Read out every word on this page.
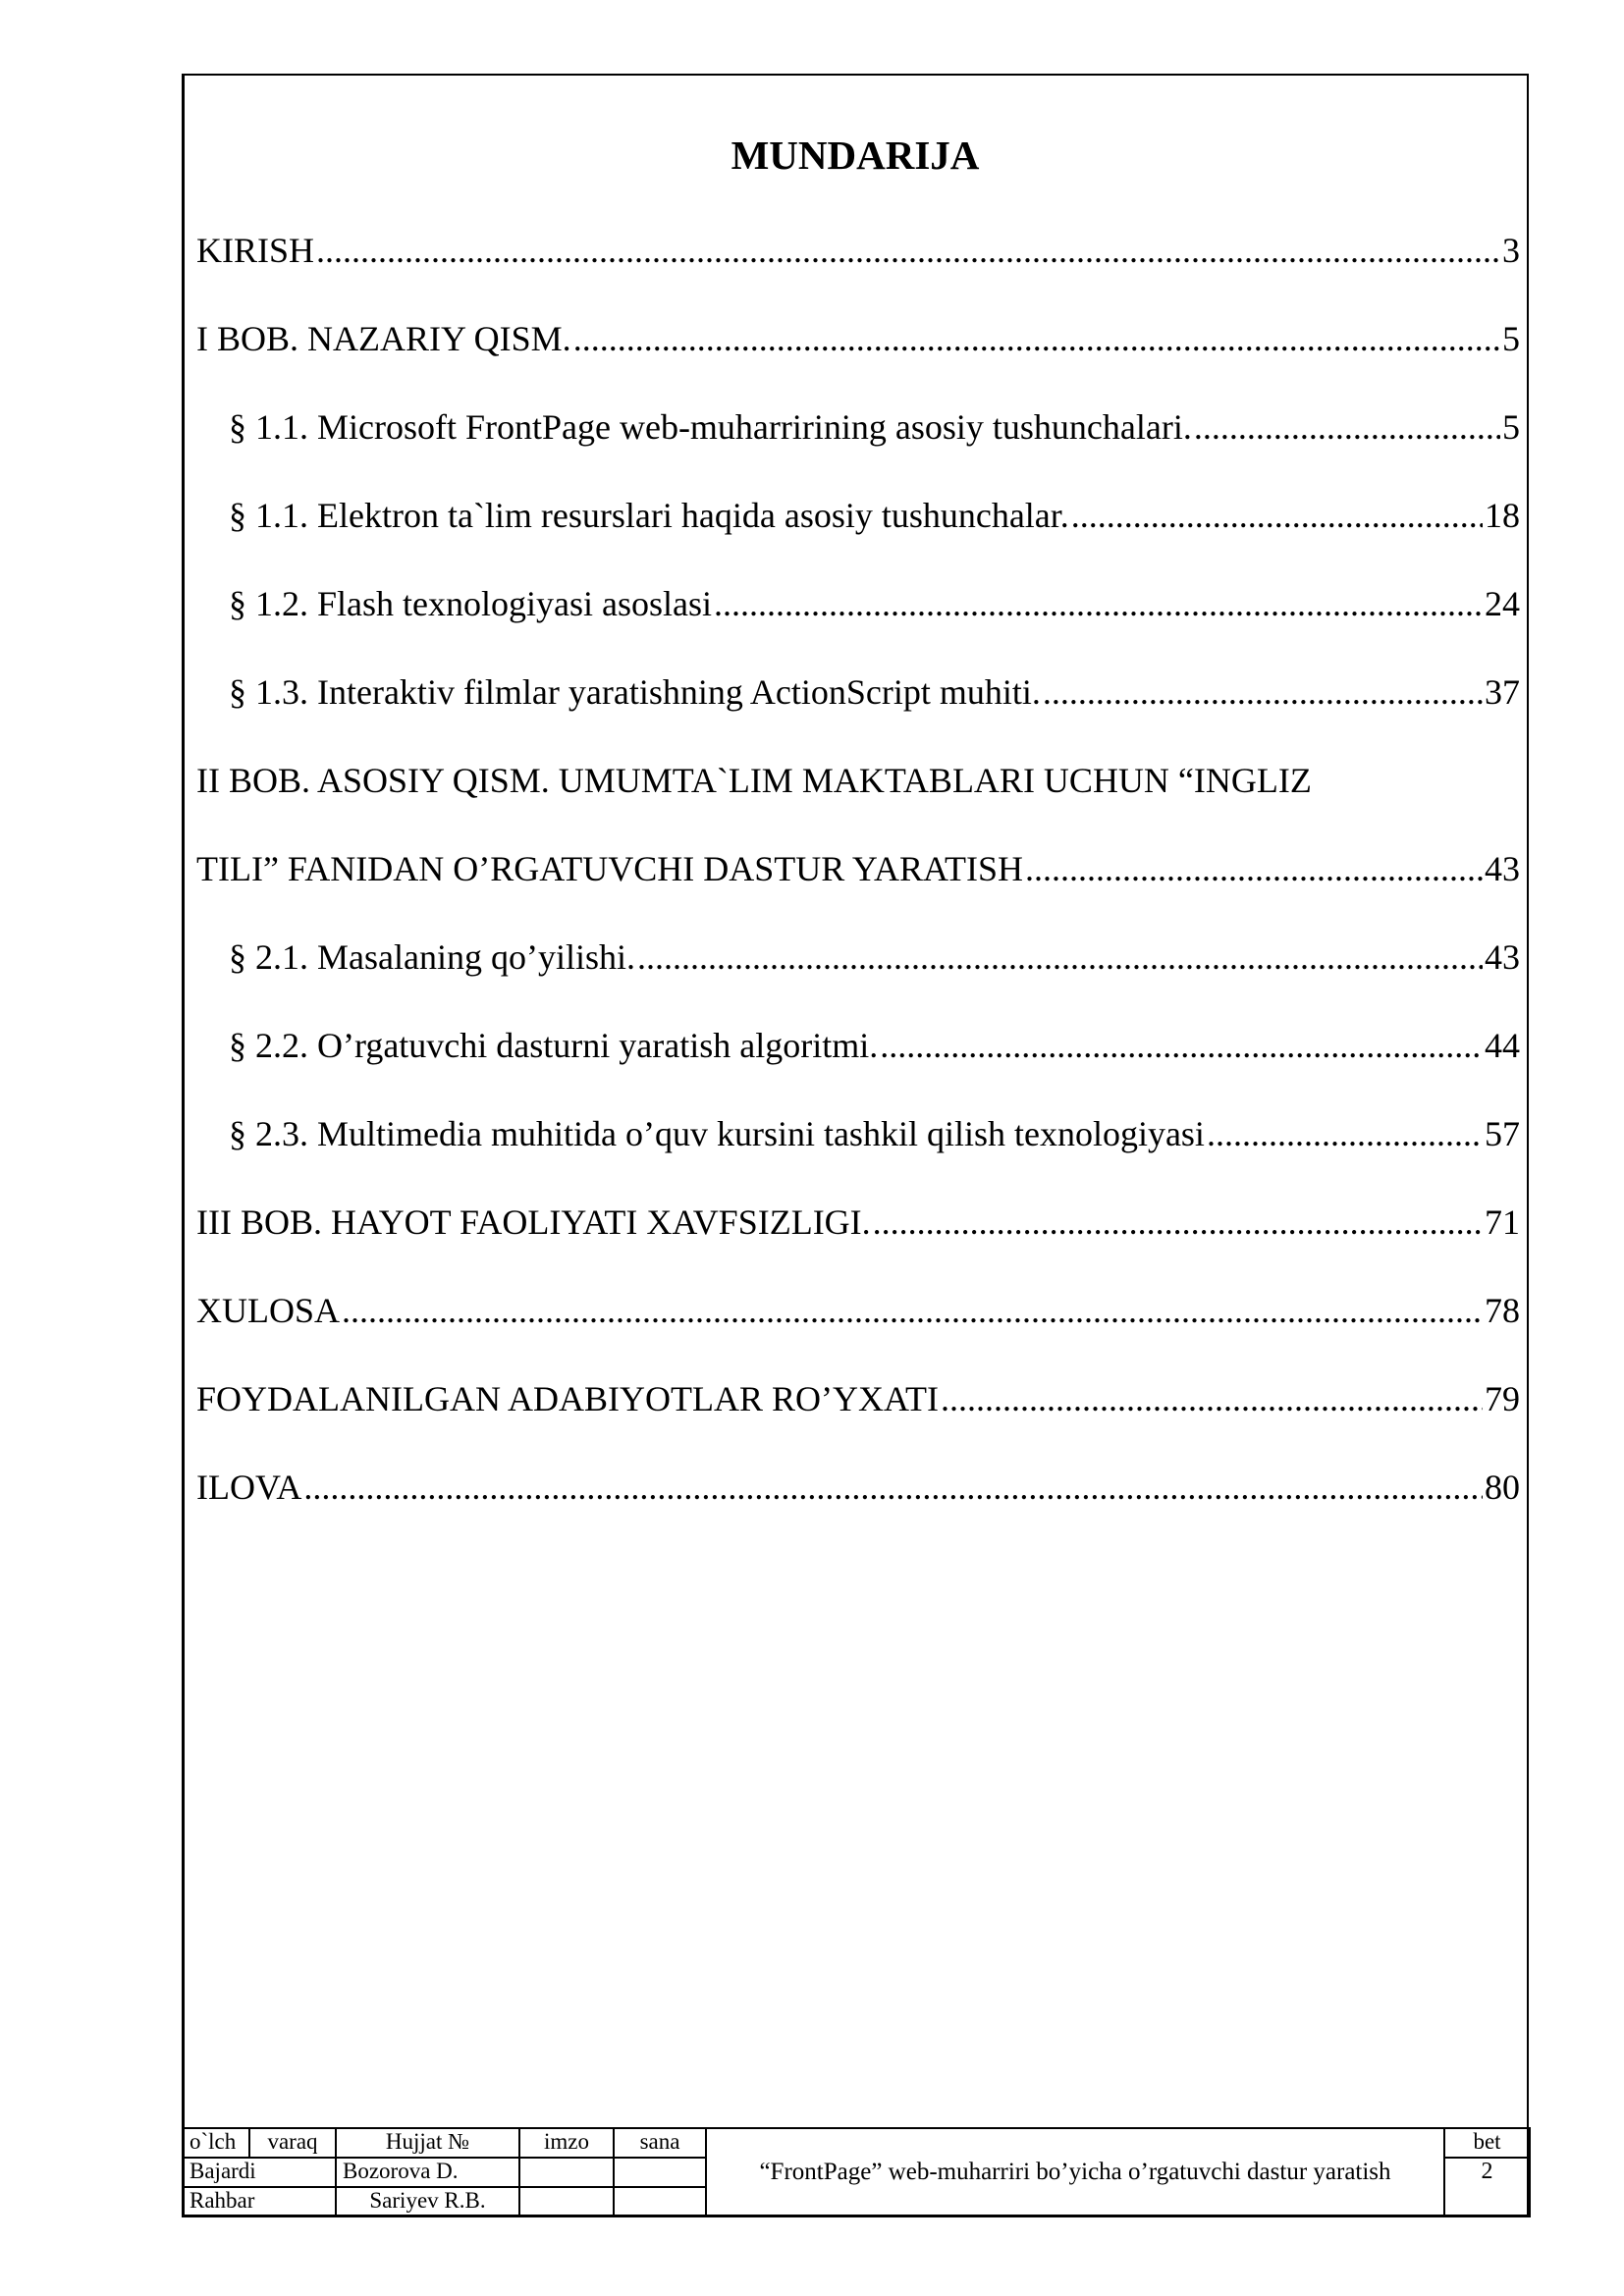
MUNDARIJA
KIRISH .....	3
I BOB. NAZARIY QISM. .....	5
§ 1.1. Microsoft FrontPage web-muharririning asosiy tushunchalari. .....	5
§ 1.1. Elektron ta`lim resurslari haqida asosiy tushunchalar. .....	18
§ 1.2. Flash texnologiyasi asoslasi .....	24
§ 1.3. Interaktiv filmlar yaratishning ActionScript muhiti. .....	37
II BOB. ASOSIY QISM. UMUMTA`LIM MAKTABLARI UCHUN “INGLIZ
TILI” FANIDAN O’RGATUVCHI DASTUR YARATISH .....	43
§ 2.1. Masalaning qo’yilishi. .....	43
§ 2.2. O’rgatuvchi dasturni yaratish algoritmi. .....	44
§ 2.3. Multimedia muhitida o’quv kursini tashkil qilish texnologiyasi .....	57
III BOB. HAYOT FAOLIYATI XAVFSIZLIGI. .....	71
XULOSA .....	78
FOYDALANILGAN ADABIYOTLAR RO’YXATI .....	79
ILOVA .....	80
o`lch	varaq	Hujjat №	imzo	sana	“FrontPage” web-muharriri bo’yicha o’rgatuvchi dastur yaratish	bet
Bajardi		Bozorova D.				2
Rahbar		Sariyev R.B.				
